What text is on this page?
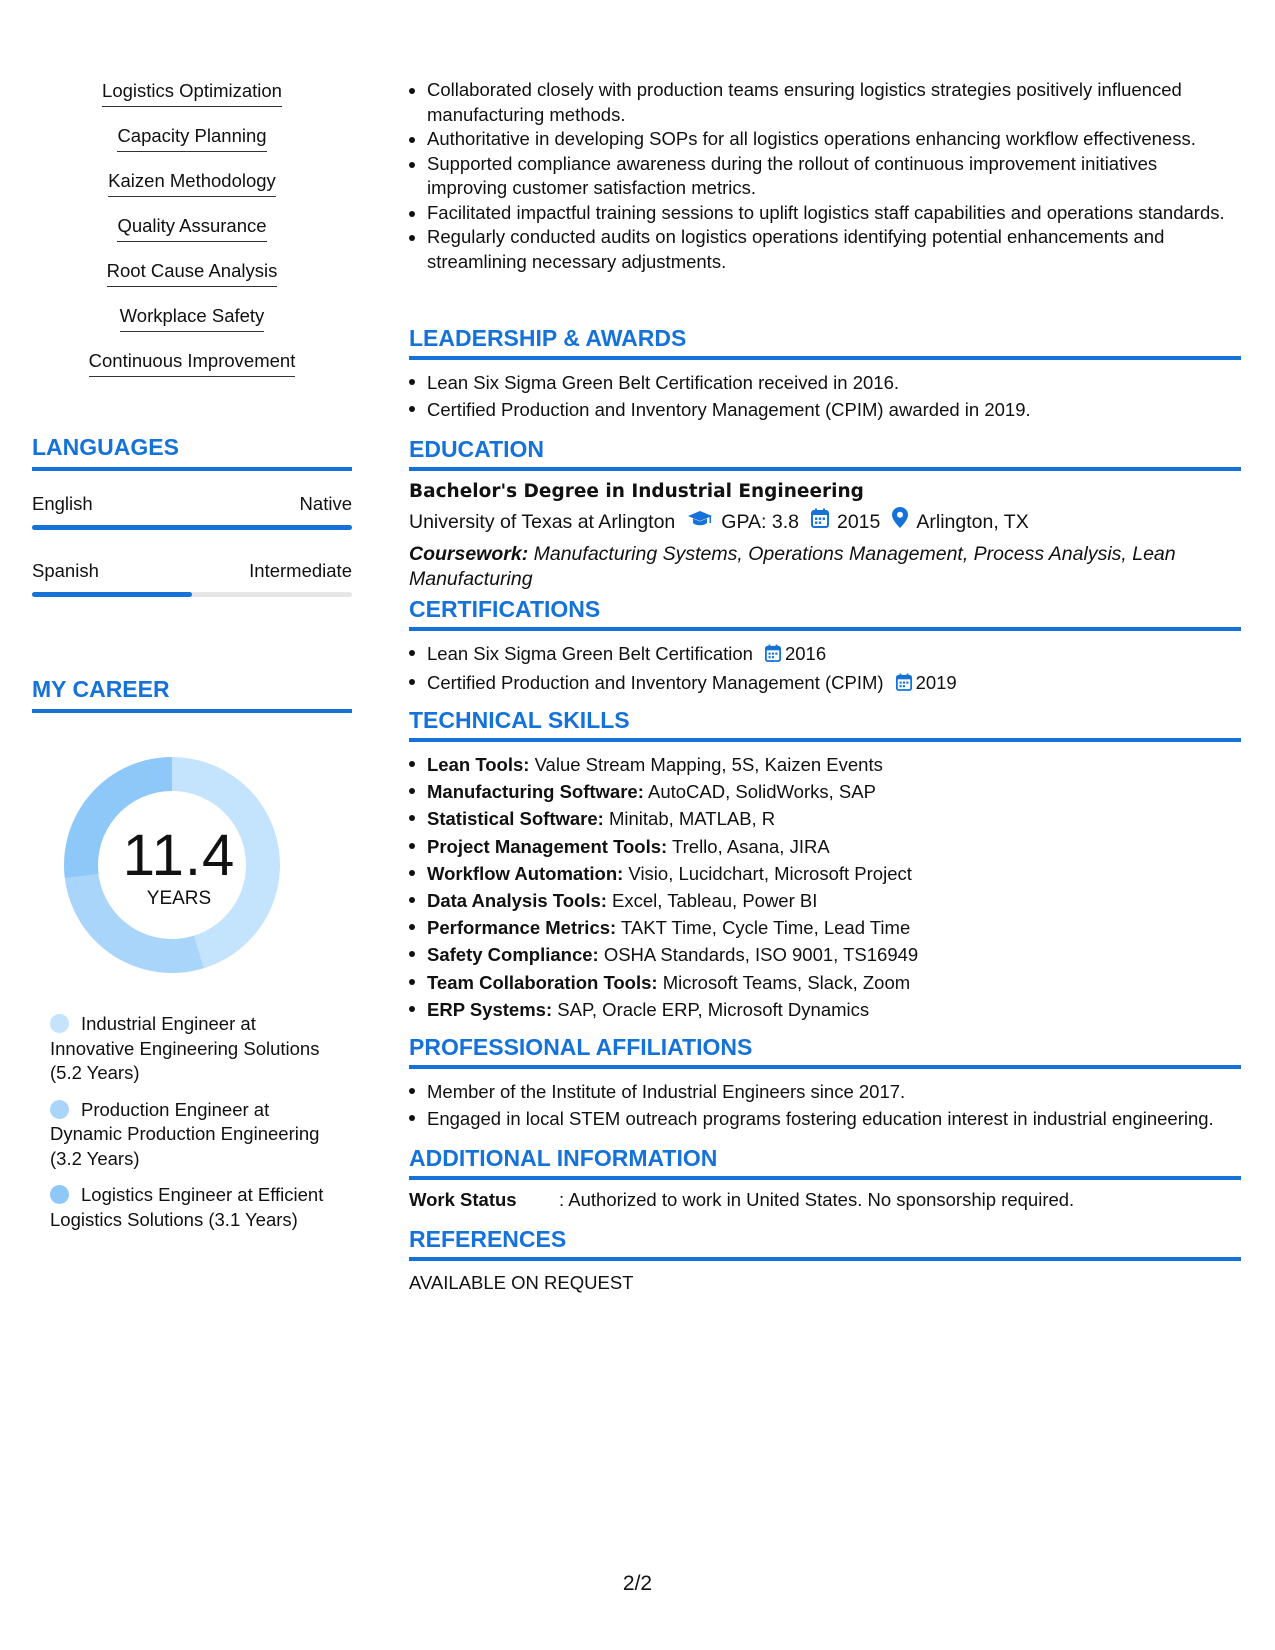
Logistics Optimization
Capacity Planning
Kaizen Methodology
Quality Assurance
Root Cause Analysis
Workplace Safety
Continuous Improvement
LANGUAGES
English	Native
Spanish	Intermediate
MY CAREER
11.4
YEARS
Industrial Engineer at Innovative Engineering Solutions (5.2 Years)
Production Engineer at Dynamic Production Engineering (3.2 Years)
Logistics Engineer at Efficient Logistics Solutions (3.1 Years)
Collaborated closely with production teams ensuring logistics strategies positively influenced manufacturing methods.
Authoritative in developing SOPs for all logistics operations enhancing workflow effectiveness.
Supported compliance awareness during the rollout of continuous improvement initiatives improving customer satisfaction metrics.
Facilitated impactful training sessions to uplift logistics staff capabilities and operations standards.
Regularly conducted audits on logistics operations identifying potential enhancements and streamlining necessary adjustments.
LEADERSHIP & AWARDS
Lean Six Sigma Green Belt Certification received in 2016.
Certified Production and Inventory Management (CPIM) awarded in 2019.
EDUCATION
Bachelor's Degree in Industrial Engineering
University of Texas at Arlington GPA: 3.8 2015 Arlington, TX
Coursework: Manufacturing Systems, Operations Management, Process Analysis, Lean Manufacturing
CERTIFICATIONS
Lean Six Sigma Green Belt Certification 2016
Certified Production and Inventory Management (CPIM) 2019
TECHNICAL SKILLS
Lean Tools: Value Stream Mapping, 5S, Kaizen Events
Manufacturing Software: AutoCAD, SolidWorks, SAP
Statistical Software: Minitab, MATLAB, R
Project Management Tools: Trello, Asana, JIRA
Workflow Automation: Visio, Lucidchart, Microsoft Project
Data Analysis Tools: Excel, Tableau, Power BI
Performance Metrics: TAKT Time, Cycle Time, Lead Time
Safety Compliance: OSHA Standards, ISO 9001, TS16949
Team Collaboration Tools: Microsoft Teams, Slack, Zoom
ERP Systems: SAP, Oracle ERP, Microsoft Dynamics
PROFESSIONAL AFFILIATIONS
Member of the Institute of Industrial Engineers since 2017.
Engaged in local STEM outreach programs fostering education interest in industrial engineering.
ADDITIONAL INFORMATION
Work Status	: Authorized to work in United States. No sponsorship required.
REFERENCES
AVAILABLE ON REQUEST
2/2
